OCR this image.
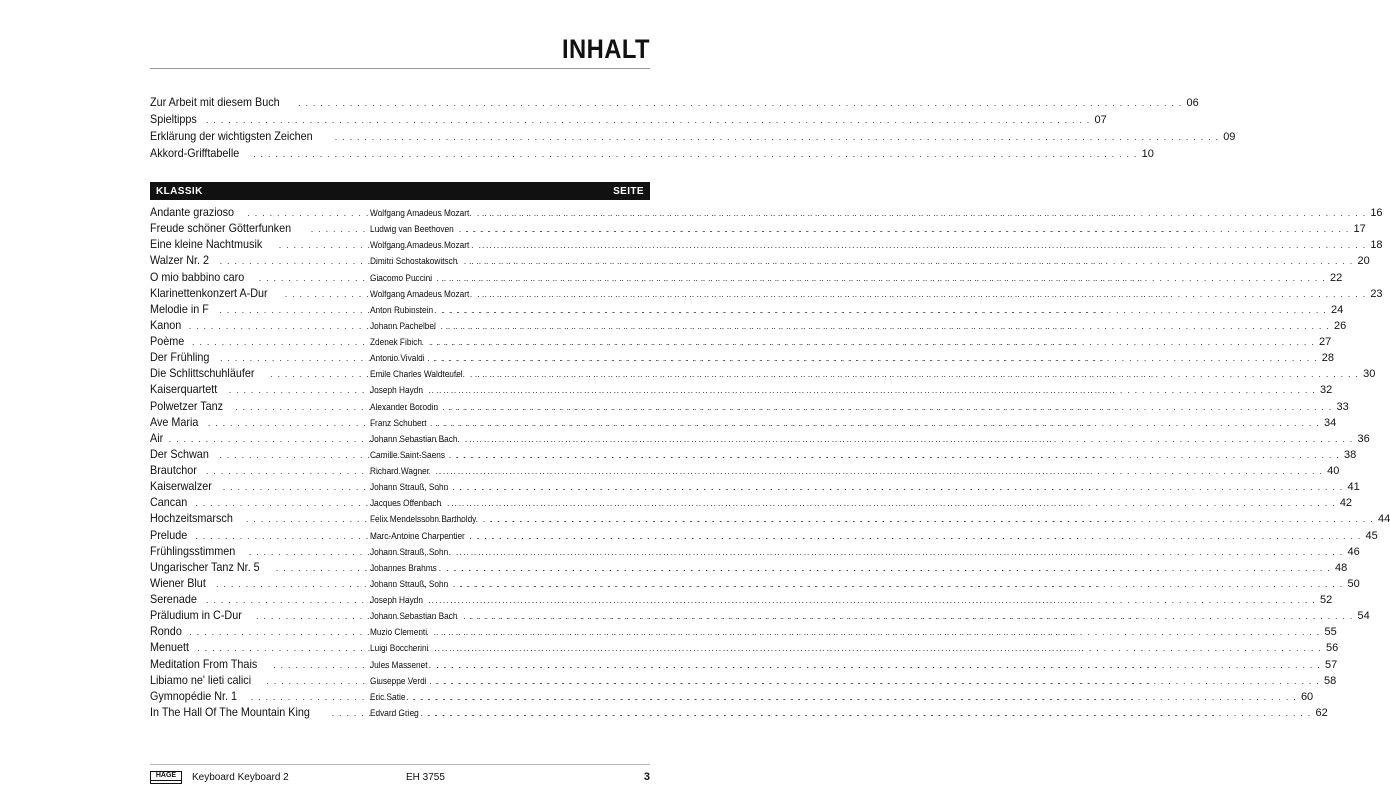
INHALT
Zur Arbeit mit diesem Buch . . .	06
Spieltipps . . .	07
Erklärung der wichtigsten Zeichen . . .	09
Akkord-Grifftabelle . . .	10
KLASSIK	SEITE
Andante grazioso . . .	Wolfgang Amadeus Mozart . . .	16
Freude schöner Götterfunken . . .	Ludwig van Beethoven . . .	17
Eine kleine Nachtmusik . . .	Wolfgang Amadeus Mozart . . .	18
Walzer Nr. 2 . . .	Dimitri Schostakowitsch . . .	20
O mio babbino caro . . .	Giacomo Puccini . . .	22
Klarinettenkonzert A-Dur . . .	Wolfgang Amadeus Mozart . . .	23
Melodie in F . . .	Anton Rubinstein . . .	24
Kanon . . .	Johann Pachelbel . . .	26
Poème . . .	Zdenek Fibich . . .	27
Der Frühling . . .	Antonio Vivaldi . . .	28
Die Schlittschuhläufer . . .	Emile Charles Waldteufel . . .	30
Kaiserquartett . . .	Joseph Haydn . . .	32
Polwetzer Tanz . . .	Alexander Borodin . . .	33
Ave Maria . . .	Franz Schubert . . .	34
Air . . .	Johann Sebastian Bach . . .	36
Der Schwan . . .	Camille Saint-Saens . . .	38
Brautchor . . .	Richard Wagner . . .	40
Kaiserwalzer . . .	Johann Strauß, Sohn . . .	41
Cancan . . .	Jacques Offenbach . . .	42
Hochzeitsmarsch . . .	Felix Mendelssohn Bartholdy . . .	44
Prelude . . .	Marc-Antoine Charpentier . . .	45
Frühlingsstimmen . . .	Johann Strauß, Sohn . . .	46
Ungarischer Tanz Nr. 5 . . .	Johannes Brahms . . .	48
Wiener Blut . . .	Johann Strauß, Sohn . . .	50
Serenade . . .	Joseph Haydn . . .	52
Präludium in C-Dur . . .	Johann Sebastian Bach . . .	54
Rondo . . .	Muzio Clementi . . .	55
Menuett . . .	Luigi Boccherini . . .	56
Meditation From Thais . . .	Jules Massenet . . .	57
Libiamo ne' lieti calici . . .	Giuseppe Verdi . . .	58
Gymnopédie Nr. 1 . . .	Eric Satie . . .	60
In The Hall Of The Mountain King . . .	Edvard Grieg . . .	62
HAGE	Keyboard Keyboard 2	EH 3755	3
